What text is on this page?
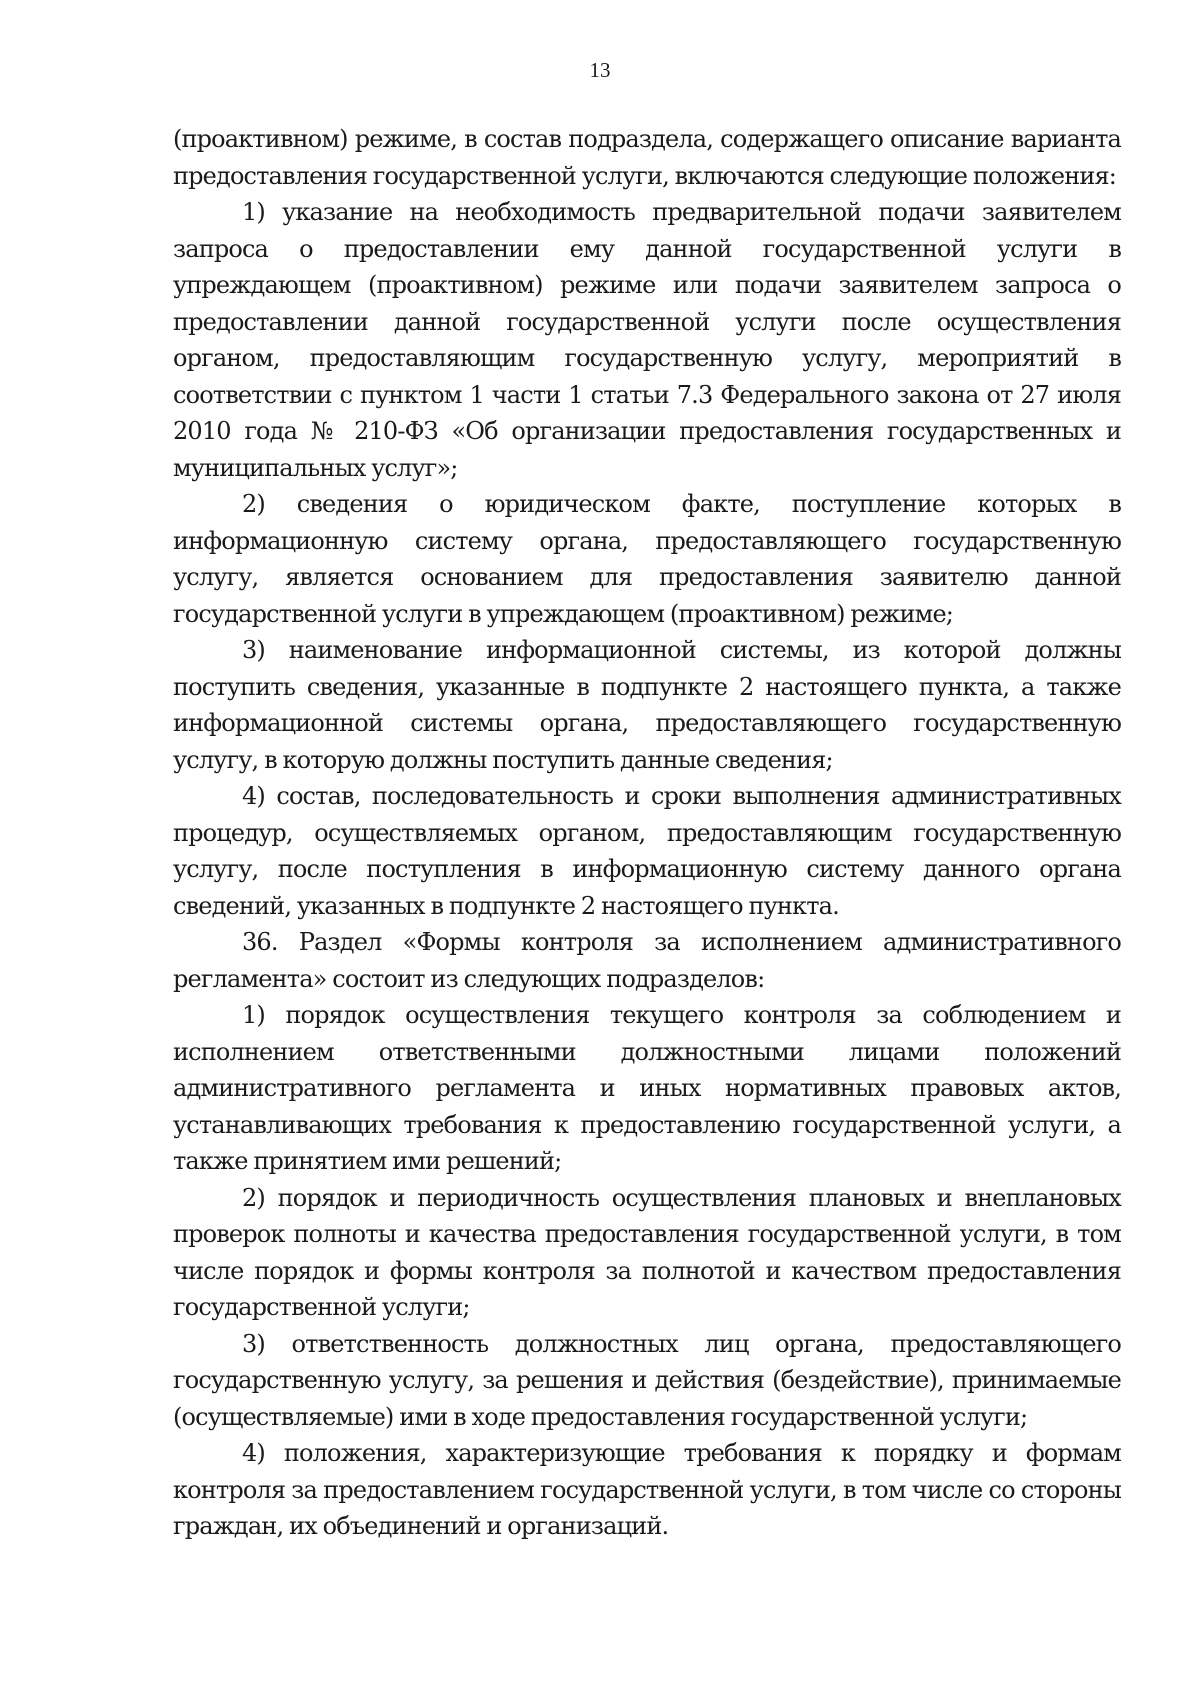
13

(проактивном) режиме, в состав подраздела, содержащего описание варианта предоставления государственной услуги, включаются следующие положения:

1) указание на необходимость предварительной подачи заявителем запроса о предоставлении ему данной государственной услуги в упреждающем (проактивном) режиме или подачи заявителем запроса о предоставлении данной государственной услуги после осуществления органом, предоставляющим государственную услугу, мероприятий в соответствии с пунктом 1 части 1 статьи 7.3 Федерального закона от 27 июля 2010 года № 210-ФЗ «Об организации предоставления государственных и муниципальных услуг»;

2) сведения о юридическом факте, поступление которых в информационную систему органа, предоставляющего государственную услугу, является основанием для предоставления заявителю данной государственной услуги в упреждающем (проактивном) режиме;

3) наименование информационной системы, из которой должны поступить сведения, указанные в подпункте 2 настоящего пункта, а также информационной системы органа, предоставляющего государственную услугу, в которую должны поступить данные сведения;

4) состав, последовательность и сроки выполнения административных процедур, осуществляемых органом, предоставляющим государственную услугу, после поступления в информационную систему данного органа сведений, указанных в подпункте 2 настоящего пункта.

36. Раздел «Формы контроля за исполнением административного регламента» состоит из следующих подразделов:

1) порядок осуществления текущего контроля за соблюдением и исполнением ответственными должностными лицами положений административного регламента и иных нормативных правовых актов, устанавливающих требования к предоставлению государственной услуги, а также принятием ими решений;

2) порядок и периодичность осуществления плановых и внеплановых проверок полноты и качества предоставления государственной услуги, в том числе порядок и формы контроля за полнотой и качеством предоставления государственной услуги;

3) ответственность должностных лиц органа, предоставляющего государственную услугу, за решения и действия (бездействие), принимаемые (осуществляемые) ими в ходе предоставления государственной услуги;

4) положения, характеризующие требования к порядку и формам контроля за предоставлением государственной услуги, в том числе со стороны граждан, их объединений и организаций.
